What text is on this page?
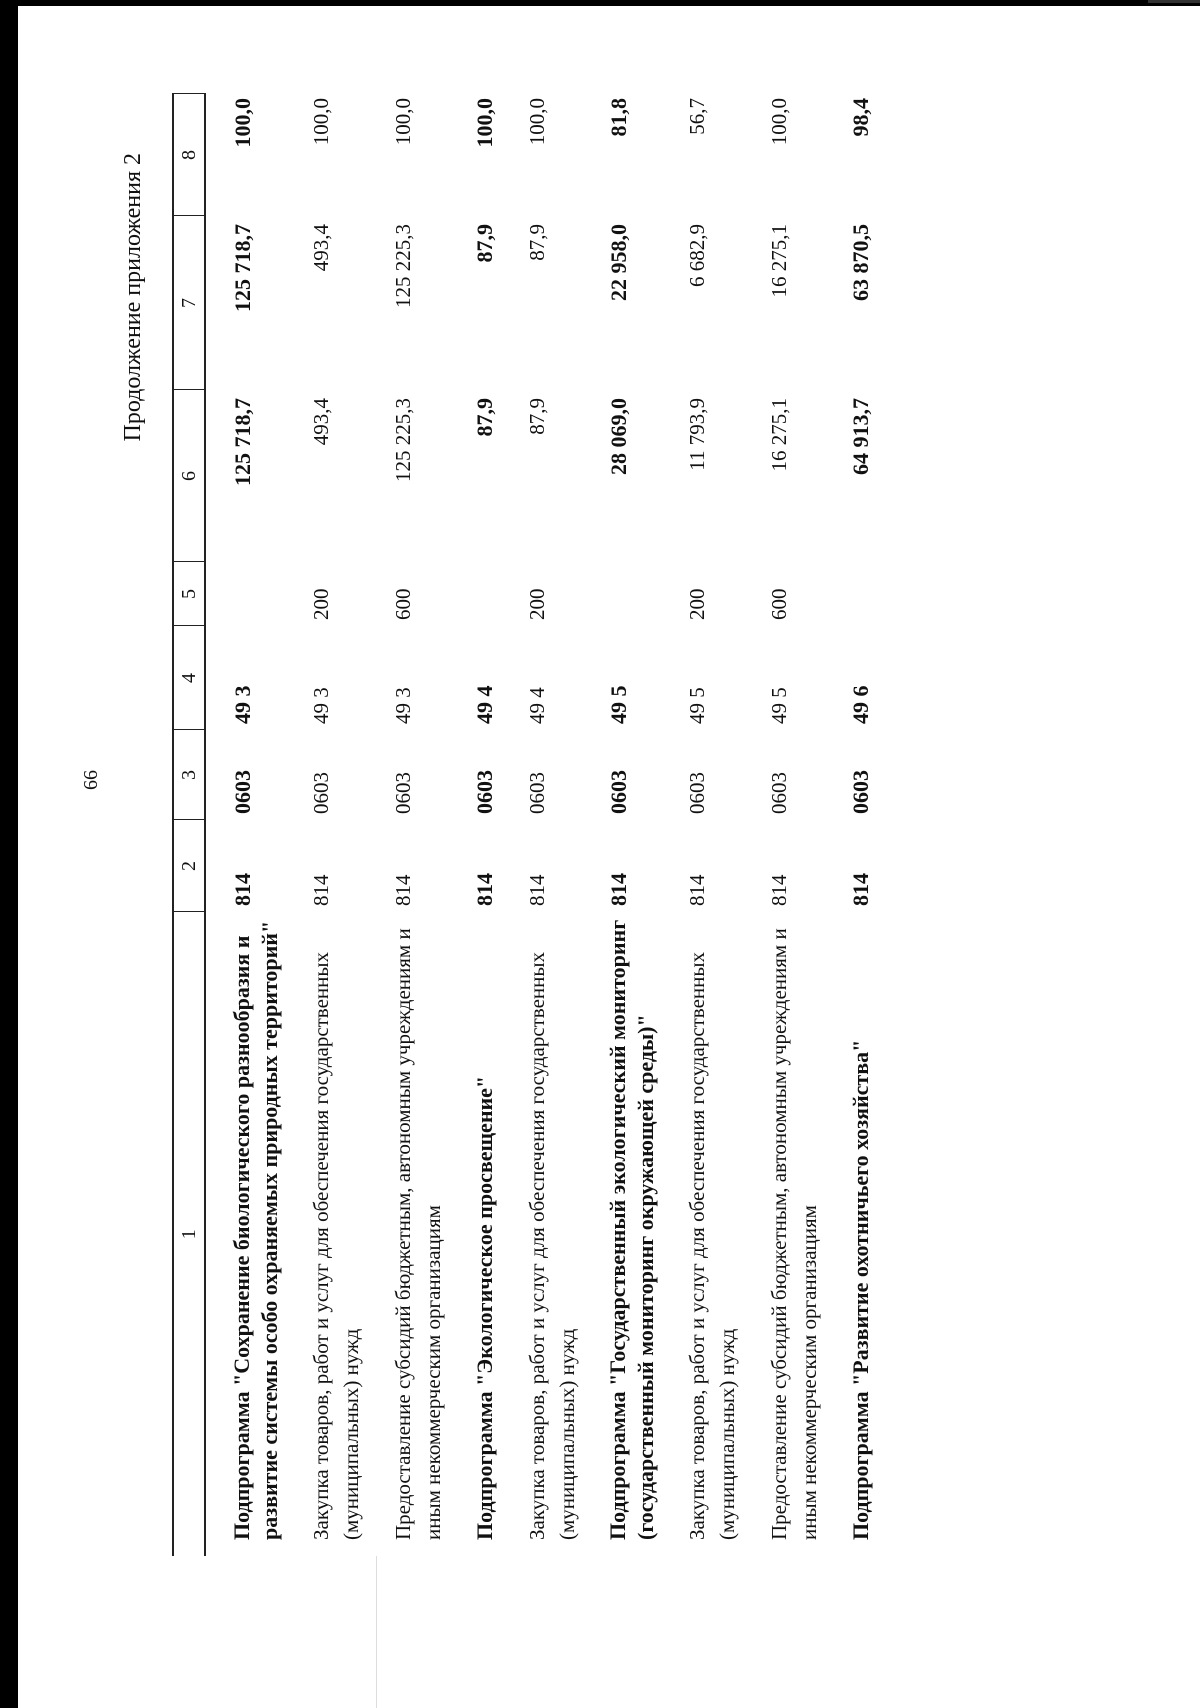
66
Продолжение приложения 2
1	2	3	4	5	6	7	8

Подпрограмма "Сохранение биологического разнообразия и развитие системы особо охраняемых природных территорий"	814	0603	49 3		125 718,7	125 718,7	100,0

Закупка товаров, работ и услуг для обеспечения государственных (муниципальных) нужд	814	0603	49 3	200	493,4	493,4	100,0

Предоставление субсидий бюджетным, автономным учреждениям и иным некоммерческим организациям	814	0603	49 3	600	125 225,3	125 225,3	100,0

Подпрограмма "Экологическое просвещение"	814	0603	49 4		87,9	87,9	100,0

Закупка товаров, работ и услуг для обеспечения государственных (муниципальных) нужд	814	0603	49 4	200	87,9	87,9	100,0

Подпрограмма "Государственный экологический мониторинг (государственный мониторинг окружающей среды)"	814	0603	49 5		28 069,0	22 958,0	81,8

Закупка товаров, работ и услуг для обеспечения государственных (муниципальных) нужд	814	0603	49 5	200	11 793,9	6 682,9	56,7

Предоставление субсидий бюджетным, автономным учреждениям и иным некоммерческим организациям	814	0603	49 5	600	16 275,1	16 275,1	100,0

Подпрограмма "Развитие охотничьего хозяйства"	814	0603	49 6		64 913,7	63 870,5	98,4
